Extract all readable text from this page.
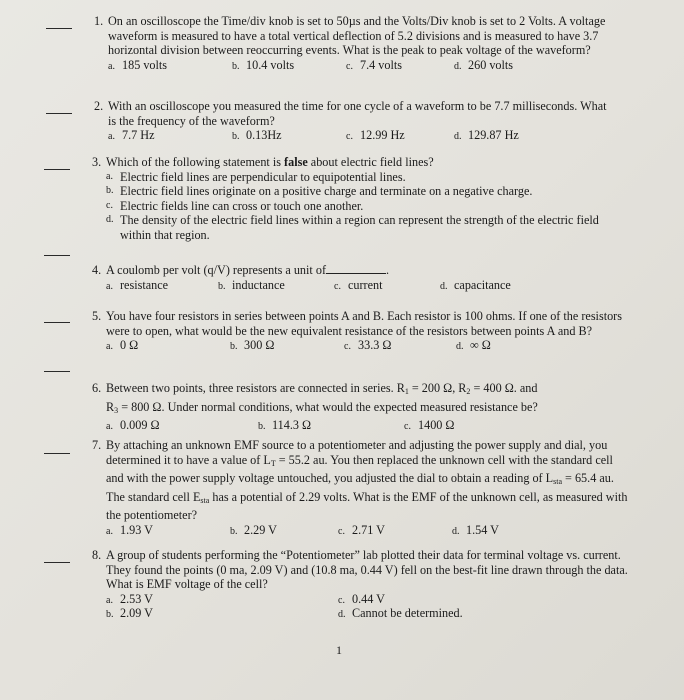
1. On an oscilloscope the Time/div knob is set to 50µs and the Volts/Div knob is set to 2 Volts. A voltage waveform is measured to have a total vertical deflection of 5.2 divisions and is measured to have 3.7 horizontal division between reoccurring events. What is the peak to peak voltage of the waveform?
a. 185 volts	b. 10.4 volts	c. 7.4 volts	d. 260 volts
2. With an oscilloscope you measured the time for one cycle of a waveform to be 7.7 milliseconds. What is the frequency of the waveform?
a. 7.7 Hz	b. 0.13Hz	c. 12.99 Hz	d. 129.87 Hz
3. Which of the following statement is false about electric field lines?
a. Electric field lines are perpendicular to equipotential lines.
b. Electric field lines originate on a positive charge and terminate on a negative charge.
c. Electric fields line can cross or touch one another.
d. The density of the electric field lines within a region can represent the strength of the electric field within that region.
4. A coulomb per volt (q/V) represents a unit of	.
a. resistance	b. inductance	c. current	d. capacitance
5. You have four resistors in series between points A and B. Each resistor is 100 ohms. If one of the resistors were to open, what would be the new equivalent resistance of the resistors between points A and B?
a. 0 Ω	b. 300 Ω	c. 33.3 Ω	d. ∞ Ω
6. Between two points, three resistors are connected in series. $R_1 = 200$ Ω, $R_2 = 400$ Ω. and
$R_3 = 800$ Ω. Under normal conditions, what would the expected measured resistance be?
a. 0.009 Ω	b. 114.3 Ω	c. 1400 Ω
7. By attaching an unknown EMF source to a potentiometer and adjusting the power supply and dial, you determined it to have a value of $L_T = 55.2$ au. You then replaced the unknown cell with the standard cell and with the power supply voltage untouched, you adjusted the dial to obtain a reading of $L_{sta} = 65.4$ au. The standard cell $E_{sta}$ has a potential of 2.29 volts. What is the EMF of the unknown cell, as measured with the potentiometer?
a. 1.93 V	b. 2.29 V	c. 2.71 V	d. 1.54 V
8. A group of students performing the “Potentiometer” lab plotted their data for terminal voltage vs. current. They found the points (0 ma, 2.09 V) and (10.8 ma, 0.44 V) fell on the best-fit line drawn through the data. What is EMF voltage of the cell?
a. 2.53 V	c. 0.44 V
b. 2.09 V	d. Cannot be determined.
1
